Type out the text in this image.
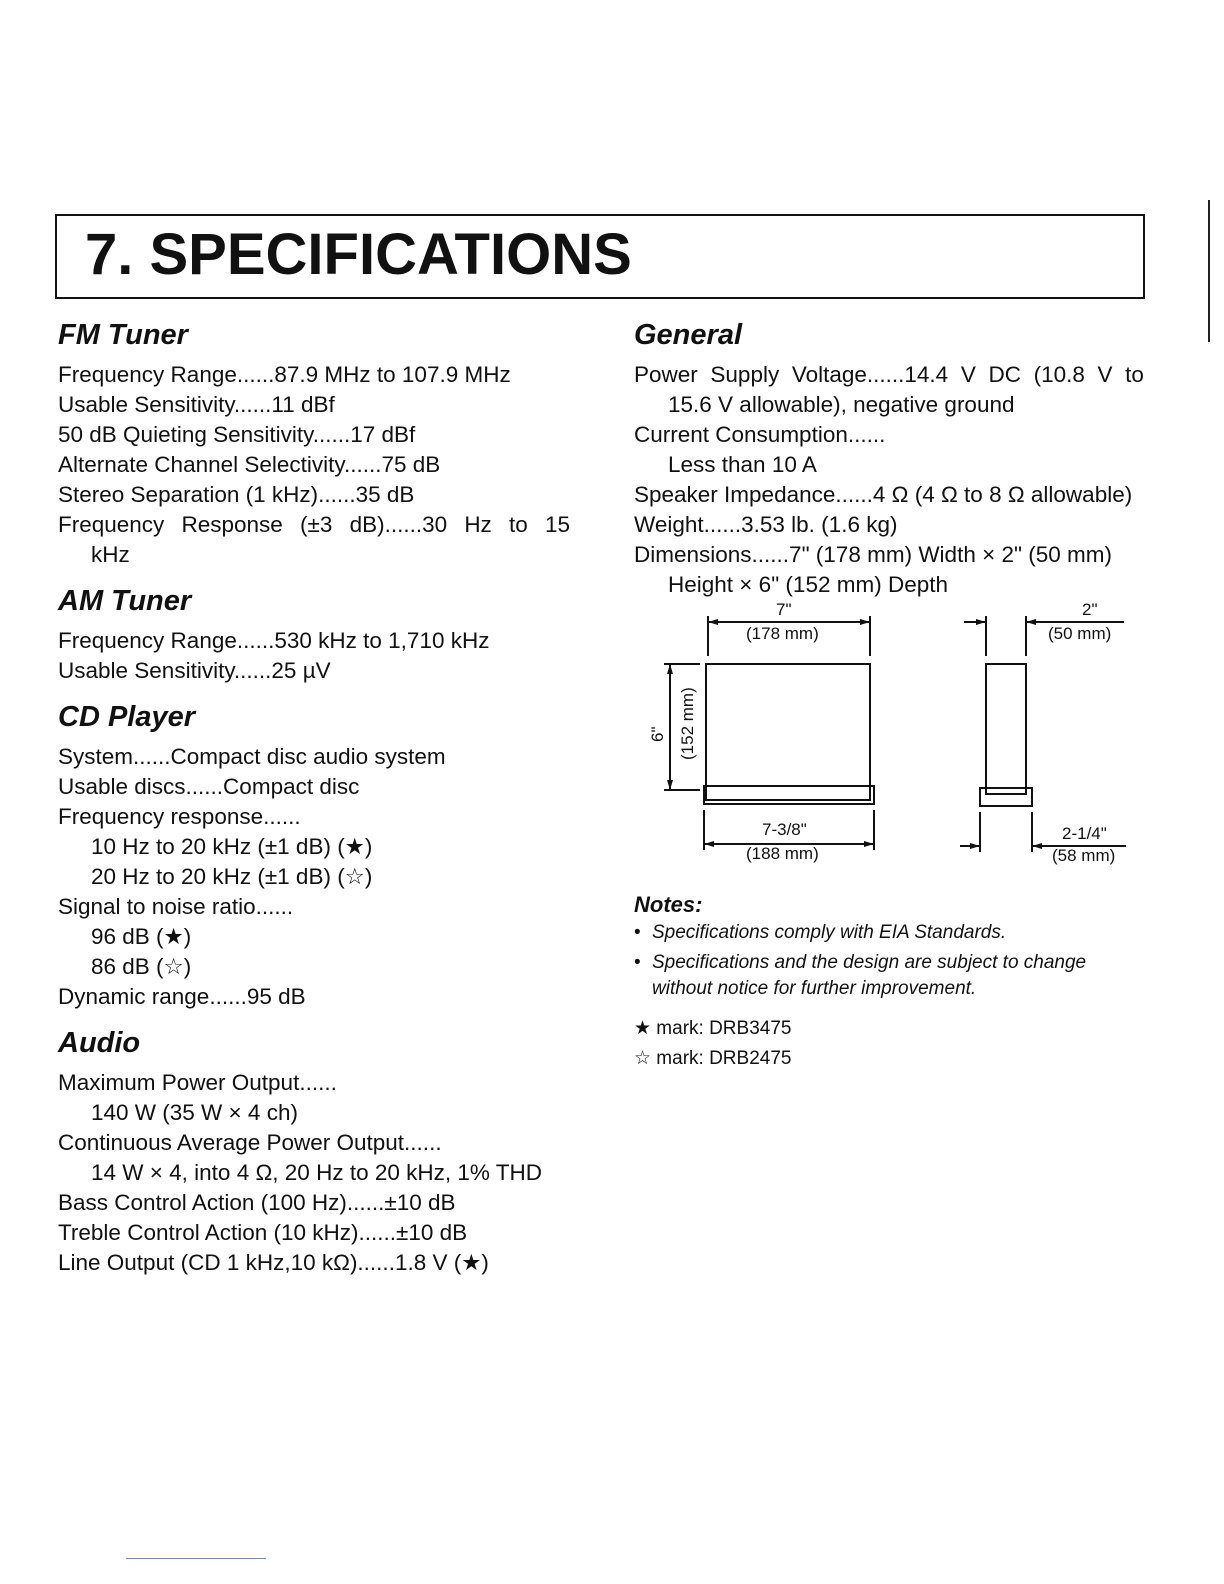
7. SPECIFICATIONS
FM Tuner
Frequency Range......87.9 MHz to 107.9 MHz
Usable Sensitivity......11 dBf
50 dB Quieting Sensitivity......17 dBf
Alternate Channel Selectivity......75 dB
Stereo Separation (1 kHz)......35 dB
Frequency Response (±3 dB)......30 Hz to 15
kHz
AM Tuner
Frequency Range......530 kHz to 1,710 kHz
Usable Sensitivity......25 µV
CD Player
System......Compact disc audio system
Usable discs......Compact disc
Frequency response......
10 Hz to 20 kHz (±1 dB) (★)
20 Hz to 20 kHz (±1 dB) (☆)
Signal to noise ratio......
96 dB (★)
86 dB (☆)
Dynamic range......95 dB
Audio
Maximum Power Output......
140 W (35 W × 4 ch)
Continuous Average Power Output......
14 W × 4, into 4 Ω, 20 Hz to 20 kHz, 1% THD
Bass Control Action (100 Hz)......±10 dB
Treble Control Action (10 kHz)......±10 dB
Line Output (CD 1 kHz,10 kΩ)......1.8 V (★)
General
Power Supply Voltage......14.4 V DC (10.8 V to
15.6 V allowable), negative ground
Current Consumption......
Less than 10 A
Speaker Impedance......4 Ω (4 Ω to 8 Ω allowable)
Weight......3.53 lb. (1.6 kg)
Dimensions......7" (178 mm) Width × 2" (50 mm)
Height × 6" (152 mm) Depth
7"
(178 mm)
6" (152 mm)
7-3/8"
(188 mm)
2"
(50 mm)
2-1/4"
(58 mm)
Notes:
• Specifications comply with EIA Standards.
• Specifications and the design are subject to change
without notice for further improvement.
★ mark: DRB3475
☆ mark: DRB2475
